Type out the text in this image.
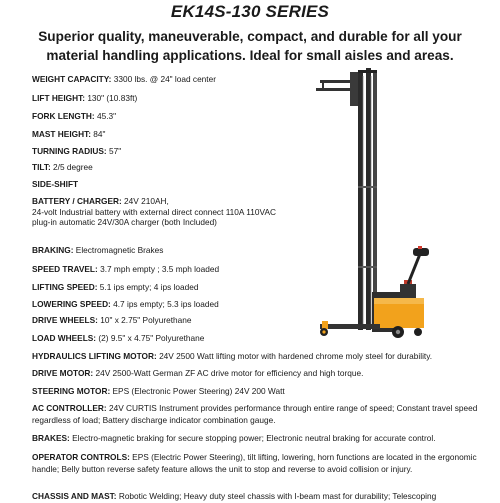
EK14S-130 SERIES
Superior quality, maneuverable, compact, and durable for all your
material handling applications. Ideal for small aisles and areas.
WEIGHT CAPACITY: 3300 lbs. @ 24" load center
LIFT HEIGHT: 130" (10.83ft)
FORK LENGTH: 45.3"
MAST HEIGHT: 84"
TURNING RADIUS: 57"
TILT: 2/5 degree
SIDE-SHIFT
BATTERY / CHARGER: 24V 210AH,
24-volt Industrial battery with external direct connect 110A 110VAC plug-in automatic 24V/30A charger (both Included)
BRAKING: Electromagnetic Brakes
SPEED TRAVEL: 3.7 mph empty ; 3.5 mph loaded
LIFTING SPEED: 5.1 ips empty; 4 ips loaded
LOWERING SPEED: 4.7 ips empty; 5.3 ips loaded
DRIVE WHEELS: 10" x 2.75" Polyurethane
LOAD WHEELS: (2) 9.5" x 4.75" Polyurethane
HYDRAULICS LIFTING MOTOR: 24V 2500 Watt lifting motor with hardened chrome moly steel for durability.
DRIVE MOTOR: 24V 2500-Watt German ZF AC drive motor for efficiency and high torque.
STEERING MOTOR: EPS (Electronic Power Steering) 24V 200 Watt
AC CONTROLLER: 24V CURTIS Instrument provides performance through entire range of speed; Constant travel speed regardless of load; Battery discharge indicator combination gauge.
BRAKES: Electro-magnetic braking for secure stopping power; Electronic neutral braking for accurate control.
OPERATOR CONTROLS: EPS (Electric Power Steering), tilt lifting, lowering, horn functions are located in the ergonomic handle; Belly button reverse safety feature allows the unit to stop and reverse to avoid collision or injury.
CHASSIS AND MAST: Robotic Welding; Heavy duty steel chassis with I-beam mast for durability; Telescoping
